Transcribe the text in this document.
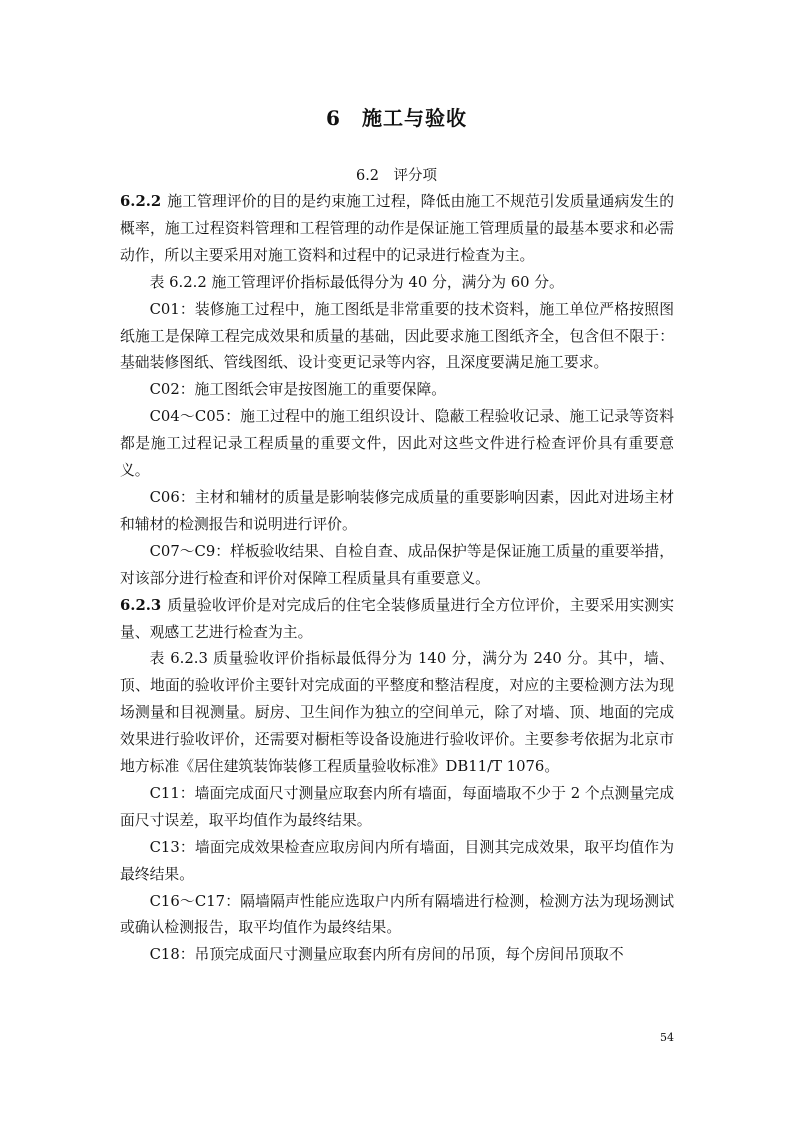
6　施工与验收
6.2　评分项

6.2.2 施工管理评价的目的是约束施工过程，降低由施工不规范引发质量通病发生的概率，施工过程资料管理和工程管理的动作是保证施工管理质量的最基本要求和必需动作，所以主要采用对施工资料和过程中的记录进行检查为主。

表 6.2.2 施工管理评价指标最低得分为 40 分，满分为 60 分。

C01：装修施工过程中，施工图纸是非常重要的技术资料，施工单位严格按照图纸施工是保障工程完成效果和质量的基础，因此要求施工图纸齐全，包含但不限于：基础装修图纸、管线图纸、设计变更记录等内容，且深度要满足施工要求。

C02：施工图纸会审是按图施工的重要保障。

C04～C05：施工过程中的施工组织设计、隐蔽工程验收记录、施工记录等资料都是施工过程记录工程质量的重要文件，因此对这些文件进行检查评价具有重要意义。

C06：主材和辅材的质量是影响装修完成质量的重要影响因素，因此对进场主材和辅材的检测报告和说明进行评价。

C07～C9：样板验收结果、自检自查、成品保护等是保证施工质量的重要举措，对该部分进行检查和评价对保障工程质量具有重要意义。

6.2.3 质量验收评价是对完成后的住宅全装修质量进行全方位评价，主要采用实测实量、观感工艺进行检查为主。

表 6.2.3 质量验收评价指标最低得分为 140 分，满分为 240 分。其中，墙、顶、地面的验收评价主要针对完成面的平整度和整洁程度，对应的主要检测方法为现场测量和目视测量。厨房、卫生间作为独立的空间单元，除了对墙、顶、地面的完成效果进行验收评价，还需要对橱柜等设备设施进行验收评价。主要参考依据为北京市地方标准《居住建筑装饰装修工程质量验收标准》DB11/T 1076。

C11：墙面完成面尺寸测量应取套内所有墙面，每面墙取不少于 2 个点测量完成面尺寸误差，取平均值作为最终结果。

C13：墙面完成效果检查应取房间内所有墙面，目测其完成效果，取平均值作为最终结果。

C16～C17：隔墙隔声性能应选取户内所有隔墙进行检测，检测方法为现场测试或确认检测报告，取平均值作为最终结果。

C18：吊顶完成面尺寸测量应取套内所有房间的吊顶，每个房间吊顶取不

54
